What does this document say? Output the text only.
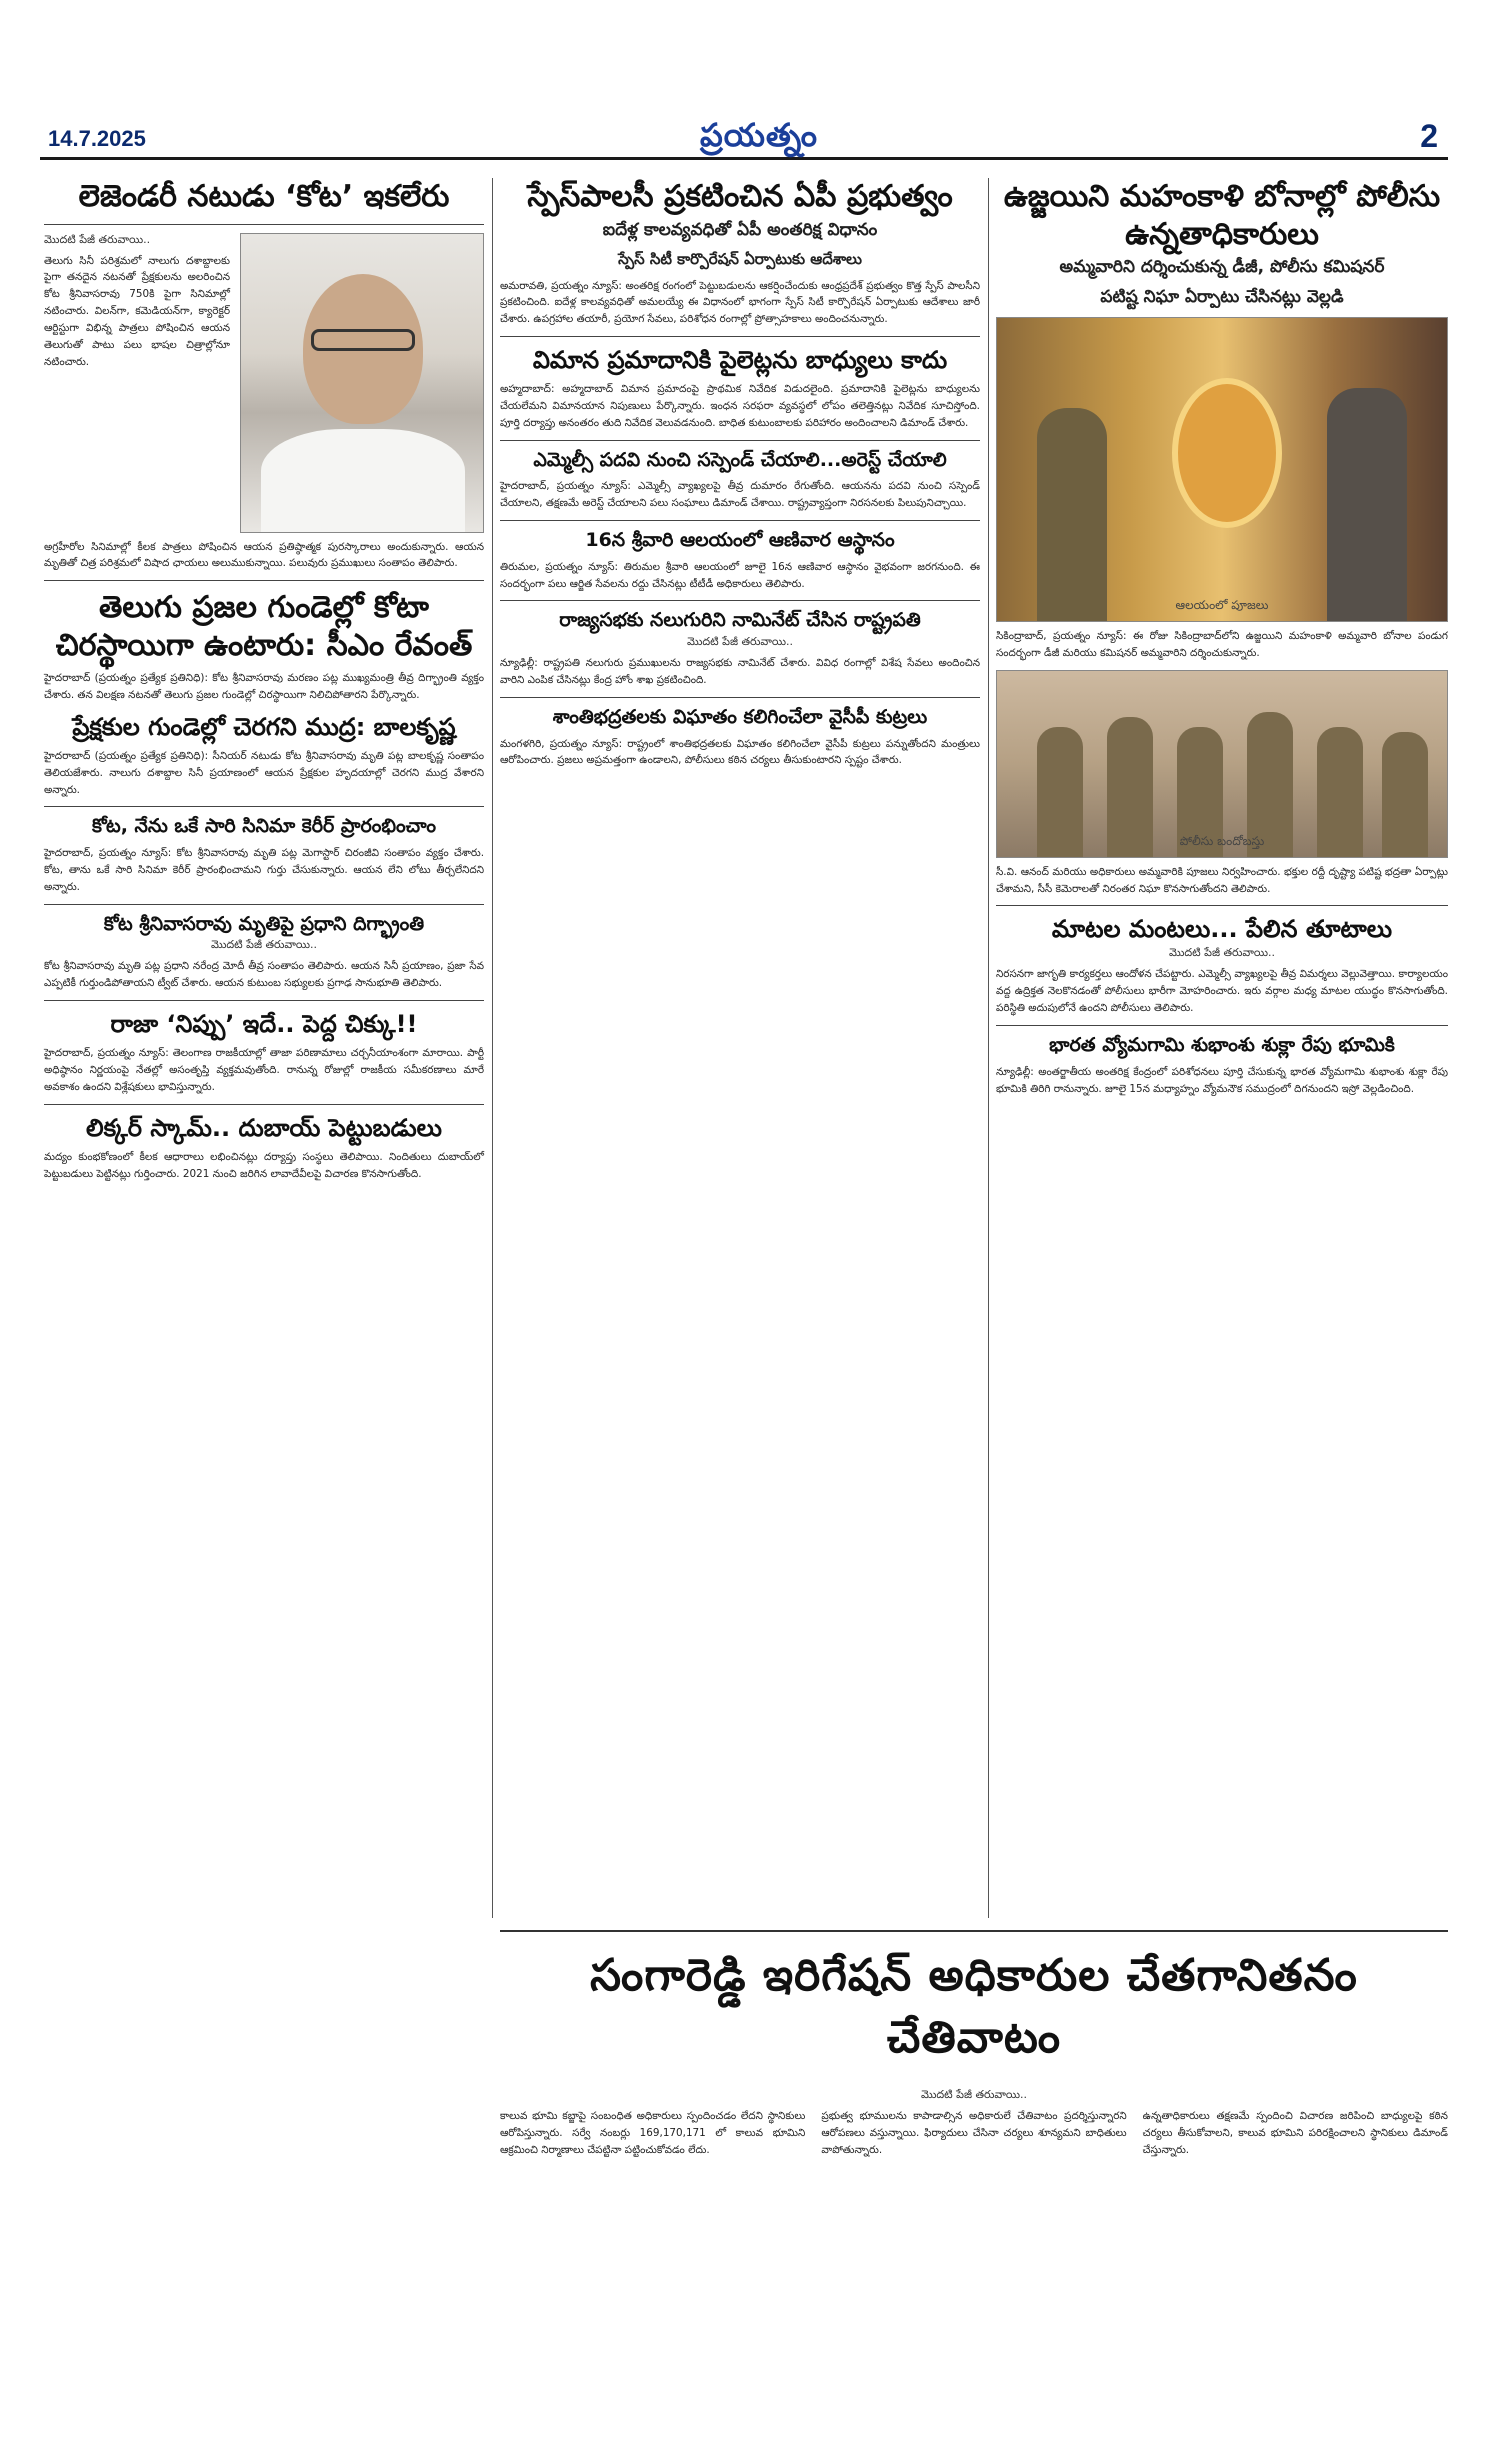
14.7.2025	ప్రయత్నం	2
లెజెండరీ నటుడు ‘కోట’ ఇకలేరు
మొదటి పేజీ తరువాయి..

తెలుగు సినీ పరిశ్రమలో నాలుగు దశాబ్దాలకు పైగా తనదైన నటనతో ప్రేక్షకులను అలరించిన కోట శ్రీనివాసరావు 750కి పైగా సినిమాల్లో నటించారు. విలన్‌గా, కమెడియన్‌గా, క్యారెక్టర్ ఆర్టిస్టుగా విభిన్న పాత్రలు పోషించిన ఆయన తెలుగుతో పాటు పలు భాషల చిత్రాల్లోనూ నటించారు.

అగ్రహీరోల సినిమాల్లో కీలక పాత్రలు పోషించిన ఆయన ప్రతిష్ఠాత్మక పురస్కారాలు అందుకున్నారు. ఆయన మృతితో చిత్ర పరిశ్రమలో విషాద ఛాయలు అలుముకున్నాయి. పలువురు ప్రముఖులు సంతాపం తెలిపారు.

తెలుగు ప్రజల గుండెల్లో కోటా చిరస్థాయిగా ఉంటారు: సీఎం రేవంత్

హైదరాబాద్ (ప్రయత్నం ప్రత్యేక ప్రతినిధి): కోట శ్రీనివాసరావు మరణం పట్ల ముఖ్యమంత్రి తీవ్ర దిగ్భ్రాంతి వ్యక్తం చేశారు. తన విలక్షణ నటనతో తెలుగు ప్రజల గుండెల్లో చిరస్థాయిగా నిలిచిపోతారని పేర్కొన్నారు.

ప్రేక్షకుల గుండెల్లో చెరగని ముద్ర: బాలకృష్ణ

హైదరాబాద్ (ప్రయత్నం ప్రత్యేక ప్రతినిధి): సీనియర్ నటుడు కోట శ్రీనివాసరావు మృతి పట్ల బాలకృష్ణ సంతాపం తెలియజేశారు. నాలుగు దశాబ్దాల సినీ ప్రయాణంలో ఆయన ప్రేక్షకుల హృదయాల్లో చెరగని ముద్ర వేశారని అన్నారు.

కోట, నేను ఒకే సారి సినిమా కెరీర్ ప్రారంభించాం

హైదరాబాద్, ప్రయత్నం న్యూస్: కోట శ్రీనివాసరావు మృతి పట్ల మెగాస్టార్ చిరంజీవి సంతాపం వ్యక్తం చేశారు. కోట, తాను ఒకే సారి సినిమా కెరీర్ ప్రారంభించామని గుర్తు చేసుకున్నారు. ఆయన లేని లోటు తీర్చలేనిదని అన్నారు.

కోట శ్రీనివాసరావు మృతిపై ప్రధాని దిగ్భ్రాంతి
మొదటి పేజీ తరువాయి..

కోట శ్రీనివాసరావు మృతి పట్ల ప్రధాని నరేంద్ర మోదీ తీవ్ర సంతాపం తెలిపారు. ఆయన సినీ ప్రయాణం, ప్రజా సేవ ఎప్పటికీ గుర్తుండిపోతాయని ట్వీట్ చేశారు. ఆయన కుటుంబ సభ్యులకు ప్రగాఢ సానుభూతి తెలిపారు.

రాజా ‘నిప్పు’ ఇదే.. పెద్ద చిక్కు!!

హైదరాబాద్, ప్రయత్నం న్యూస్: తెలంగాణ రాజకీయాల్లో తాజా పరిణామాలు చర్చనీయాంశంగా మారాయి. పార్టీ అధిష్ఠానం నిర్ణయంపై నేతల్లో అసంతృప్తి వ్యక్తమవుతోంది. రానున్న రోజుల్లో రాజకీయ సమీకరణాలు మారే అవకాశం ఉందని విశ్లేషకులు భావిస్తున్నారు.

లిక్కర్ స్కామ్.. దుబాయ్ పెట్టుబడులు

మద్యం కుంభకోణంలో కీలక ఆధారాలు లభించినట్లు దర్యాప్తు సంస్థలు తెలిపాయి. నిందితులు దుబాయ్‌లో పెట్టుబడులు పెట్టినట్లు గుర్తించారు. 2021 నుంచి జరిగిన లావాదేవీలపై విచారణ కొనసాగుతోంది.

స్పేస్‌పాలసీ ప్రకటించిన ఏపీ ప్రభుత్వం
ఐదేళ్ల కాలవ్యవధితో ఏపీ అంతరిక్ష విధానం
స్పేస్ సిటీ కార్పొరేషన్ ఏర్పాటుకు ఆదేశాలు

అమరావతి, ప్రయత్నం న్యూస్: అంతరిక్ష రంగంలో పెట్టుబడులను ఆకర్షించేందుకు ఆంధ్రప్రదేశ్ ప్రభుత్వం కొత్త స్పేస్ పాలసీని ప్రకటించింది. ఐదేళ్ల కాలవ్యవధితో అమలయ్యే ఈ విధానంలో భాగంగా స్పేస్ సిటీ కార్పొరేషన్ ఏర్పాటుకు ఆదేశాలు జారీ చేశారు. ఉపగ్రహాల తయారీ, ప్రయోగ సేవలు, పరిశోధన రంగాల్లో ప్రోత్సాహకాలు అందించనున్నారు.

విమాన ప్రమాదానికి పైలెట్లను బాధ్యులు కాదు

అహ్మదాబాద్: అహ్మదాబాద్ విమాన ప్రమాదంపై ప్రాథమిక నివేదిక విడుదలైంది. ప్రమాదానికి పైలెట్లను బాధ్యులను చేయలేమని విమానయాన నిపుణులు పేర్కొన్నారు. ఇంధన సరఫరా వ్యవస్థలో లోపం తలెత్తినట్లు నివేదిక సూచిస్తోంది. పూర్తి దర్యాప్తు అనంతరం తుది నివేదిక వెలువడనుంది. బాధిత కుటుంబాలకు పరిహారం అందించాలని డిమాండ్ చేశారు.

ఎమ్మెల్సీ పదవి నుంచి సస్పెండ్ చేయాలి...అరెస్ట్ చేయాలి

హైదరాబాద్, ప్రయత్నం న్యూస్: ఎమ్మెల్సీ వ్యాఖ్యలపై తీవ్ర దుమారం రేగుతోంది. ఆయనను పదవి నుంచి సస్పెండ్ చేయాలని, తక్షణమే అరెస్ట్ చేయాలని పలు సంఘాలు డిమాండ్ చేశాయి. రాష్ట్రవ్యాప్తంగా నిరసనలకు పిలుపునిచ్చాయి.

16న శ్రీవారి ఆలయంలో ఆణివార ఆస్థానం

తిరుమల, ప్రయత్నం న్యూస్: తిరుమల శ్రీవారి ఆలయంలో జూలై 16న ఆణివార ఆస్థానం వైభవంగా జరగనుంది. ఈ సందర్భంగా పలు ఆర్జిత సేవలను రద్దు చేసినట్లు టీటీడీ అధికారులు తెలిపారు.

రాజ్యసభకు నలుగురిని నామినేట్ చేసిన రాష్ట్రపతి
మొదటి పేజీ తరువాయి..

న్యూఢిల్లీ: రాష్ట్రపతి నలుగురు ప్రముఖులను రాజ్యసభకు నామినేట్ చేశారు. వివిధ రంగాల్లో విశేష సేవలు అందించిన వారిని ఎంపిక చేసినట్లు కేంద్ర హోం శాఖ ప్రకటించింది.

శాంతిభద్రతలకు విఘాతం కలిగించేలా వైసీపీ కుట్రలు

మంగళగిరి, ప్రయత్నం న్యూస్: రాష్ట్రంలో శాంతిభద్రతలకు విఘాతం కలిగించేలా వైసీపీ కుట్రలు పన్నుతోందని మంత్రులు ఆరోపించారు. ప్రజలు అప్రమత్తంగా ఉండాలని, పోలీసులు కఠిన చర్యలు తీసుకుంటారని స్పష్టం చేశారు.

ఉజ్జయిని మహంకాళి బోనాల్లో పోలీసు ఉన్నతాధికారులు
అమ్మవారిని దర్శించుకున్న డీజీ, పోలీసు కమిషనర్
పటిష్ట నిఘా ఏర్పాటు చేసినట్లు వెల్లడి
ఆలయంలో పూజలు

సికింద్రాబాద్, ప్రయత్నం న్యూస్: ఈ రోజు సికింద్రాబాద్‌లోని ఉజ్జయిని మహంకాళి అమ్మవారి బోనాల పండుగ సందర్భంగా డీజీ మరియు కమిషనర్ అమ్మవారిని దర్శించుకున్నారు.

పోలీసు బందోబస్తు

సీ.వి. ఆనంద్ మరియు అధికారులు అమ్మవారికి పూజలు నిర్వహించారు. భక్తుల రద్దీ దృష్ట్యా పటిష్ట భద్రతా ఏర్పాట్లు చేశామని, సీసీ కెమెరాలతో నిరంతర నిఘా కొనసాగుతోందని తెలిపారు.

మాటల మంటలు... పేలిన తూటాలు
మొదటి పేజీ తరువాయి..

నిరసనగా జాగృతి కార్యకర్తలు ఆందోళన చేపట్టారు. ఎమ్మెల్సీ వ్యాఖ్యలపై తీవ్ర విమర్శలు వెల్లువెత్తాయి. కార్యాలయం వద్ద ఉద్రిక్తత నెలకొనడంతో పోలీసులు భారీగా మోహరించారు. ఇరు వర్గాల మధ్య మాటల యుద్ధం కొనసాగుతోంది. పరిస్థితి అదుపులోనే ఉందని పోలీసులు తెలిపారు.

భారత వ్యోమగామి శుభాంశు శుక్లా రేపు భూమికి

న్యూఢిల్లీ: అంతర్జాతీయ అంతరిక్ష కేంద్రంలో పరిశోధనలు పూర్తి చేసుకున్న భారత వ్యోమగామి శుభాంశు శుక్లా రేపు భూమికి తిరిగి రానున్నారు. జూలై 15న మధ్యాహ్నం వ్యోమనౌక సముద్రంలో దిగనుందని ఇస్రో వెల్లడించింది.

సంగారెడ్డి ఇరిగేషన్ అధికారుల చేతగానితనం చేతివాటం
మొదటి పేజీ తరువాయి..

కాలువ భూమి కబ్జాపై సంబంధిత అధికారులు స్పందించడం లేదని స్థానికులు ఆరోపిస్తున్నారు. సర్వే నంబర్లు 169,170,171 లో కాలువ భూమిని ఆక్రమించి నిర్మాణాలు చేపట్టినా పట్టించుకోవడం లేదు.

ప్రభుత్వ భూములను కాపాడాల్సిన అధికారులే చేతివాటం ప్రదర్శిస్తున్నారని ఆరోపణలు వస్తున్నాయి. ఫిర్యాదులు చేసినా చర్యలు శూన్యమని బాధితులు వాపోతున్నారు.

ఉన్నతాధికారులు తక్షణమే స్పందించి విచారణ జరిపించి బాధ్యులపై కఠిన చర్యలు తీసుకోవాలని, కాలువ భూమిని పరిరక్షించాలని స్థానికులు డిమాండ్ చేస్తున్నారు.
